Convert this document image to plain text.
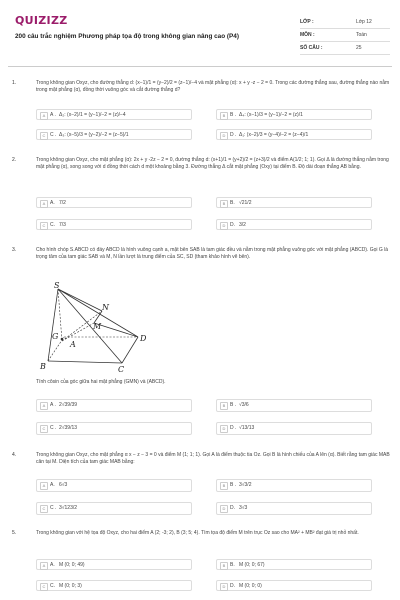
QUIZIZZ
200 câu trắc nghiệm Phương pháp tọa độ trong không gian nâng cao (P4)
LỚP :	Lớp 12
MÔN :	Toán
SỐ CÂU :	25
1.	Trong không gian Oxyz, cho đường thẳng d: (x−1)/1 = (y−2)/2 = (z−1)/−4 và mặt phẳng (α): x + y -z − 2 = 0. Trong các đường thẳng sau, đường thẳng nào nằm trong mặt phẳng (α), đồng thời vuông góc và cắt đường thẳng d?
A A . Δ₂: (x−2)/1 = (y−1)/−2 = (z)/−4	B B . Δ₄: (x−1)/3 = (y−1)/−2 = (z)/1
C C . Δ₃: (x−5)/3 = (y−2)/−2 = (z−5)/1	D D . Δ₁: (x−2)/3 = (y−4)/−2 = (z−4)/1
2.	Trong không gian Oxyz, cho mặt phẳng (α): 2x + y -2z − 2 = 0, đường thẳng d: (x+1)/1 = (y+2)/2 = (z+3)/2 và điểm A(1/2; 1; 1). Gọi Δ là đường thẳng nằm trong mặt phẳng (α), song song với d đồng thời cách d một khoảng bằng 3. Đường thẳng Δ cắt mặt phẳng (Oxy) tại điểm B. Độ dài đoạn thẳng AB bằng.
A A. 7/2	B B. √21/2
C C. 7/3	D D. 3/2
3.	Cho hình chóp S.ABCD có đáy ABCD là hình vuông cạnh a, mặt bên SAB là tam giác đều và nằm trong mặt phẳng vuông góc với mặt phẳng (ABCD). Gọi G là trọng tâm của tam giác SAB và M, N lần lượt là trung điểm của SC, SD (tham khảo hình vẽ bên).
S
N
M
G
A
D
B	C
Tính côsin của góc giữa hai mặt phẳng (GMN) và (ABCD).
A A . 2√39/39	B B . √3/6
C C . 2√39/13	D D . √13/13
4.	Trong không gian Oxyz, cho mặt phẳng α x − z − 3 = 0 và điểm M (1; 1; 1). Gọi A là điểm thuộc tia Oz. Gọi B là hình chiếu của A lên (α). Biết rằng tam giác MAB cân tại M. Diện tích của tam giác MAB bằng:
A A. 6√3	B B . 3√3/2
C C . 3√123/2	D D. 3√3
5.	Trong không gian với hệ tọa độ Oxyz, cho hai điểm A (2; -3; 2), B (3; 5; 4). Tìm tọa độ điểm M trên trục Oz sao cho MA² + MB² đạt giá trị nhỏ nhất.
A A. M (0; 0; 49)	B B. M (0; 0; 67)
C C. M (0; 0; 3)	D D. M (0; 0; 0)
